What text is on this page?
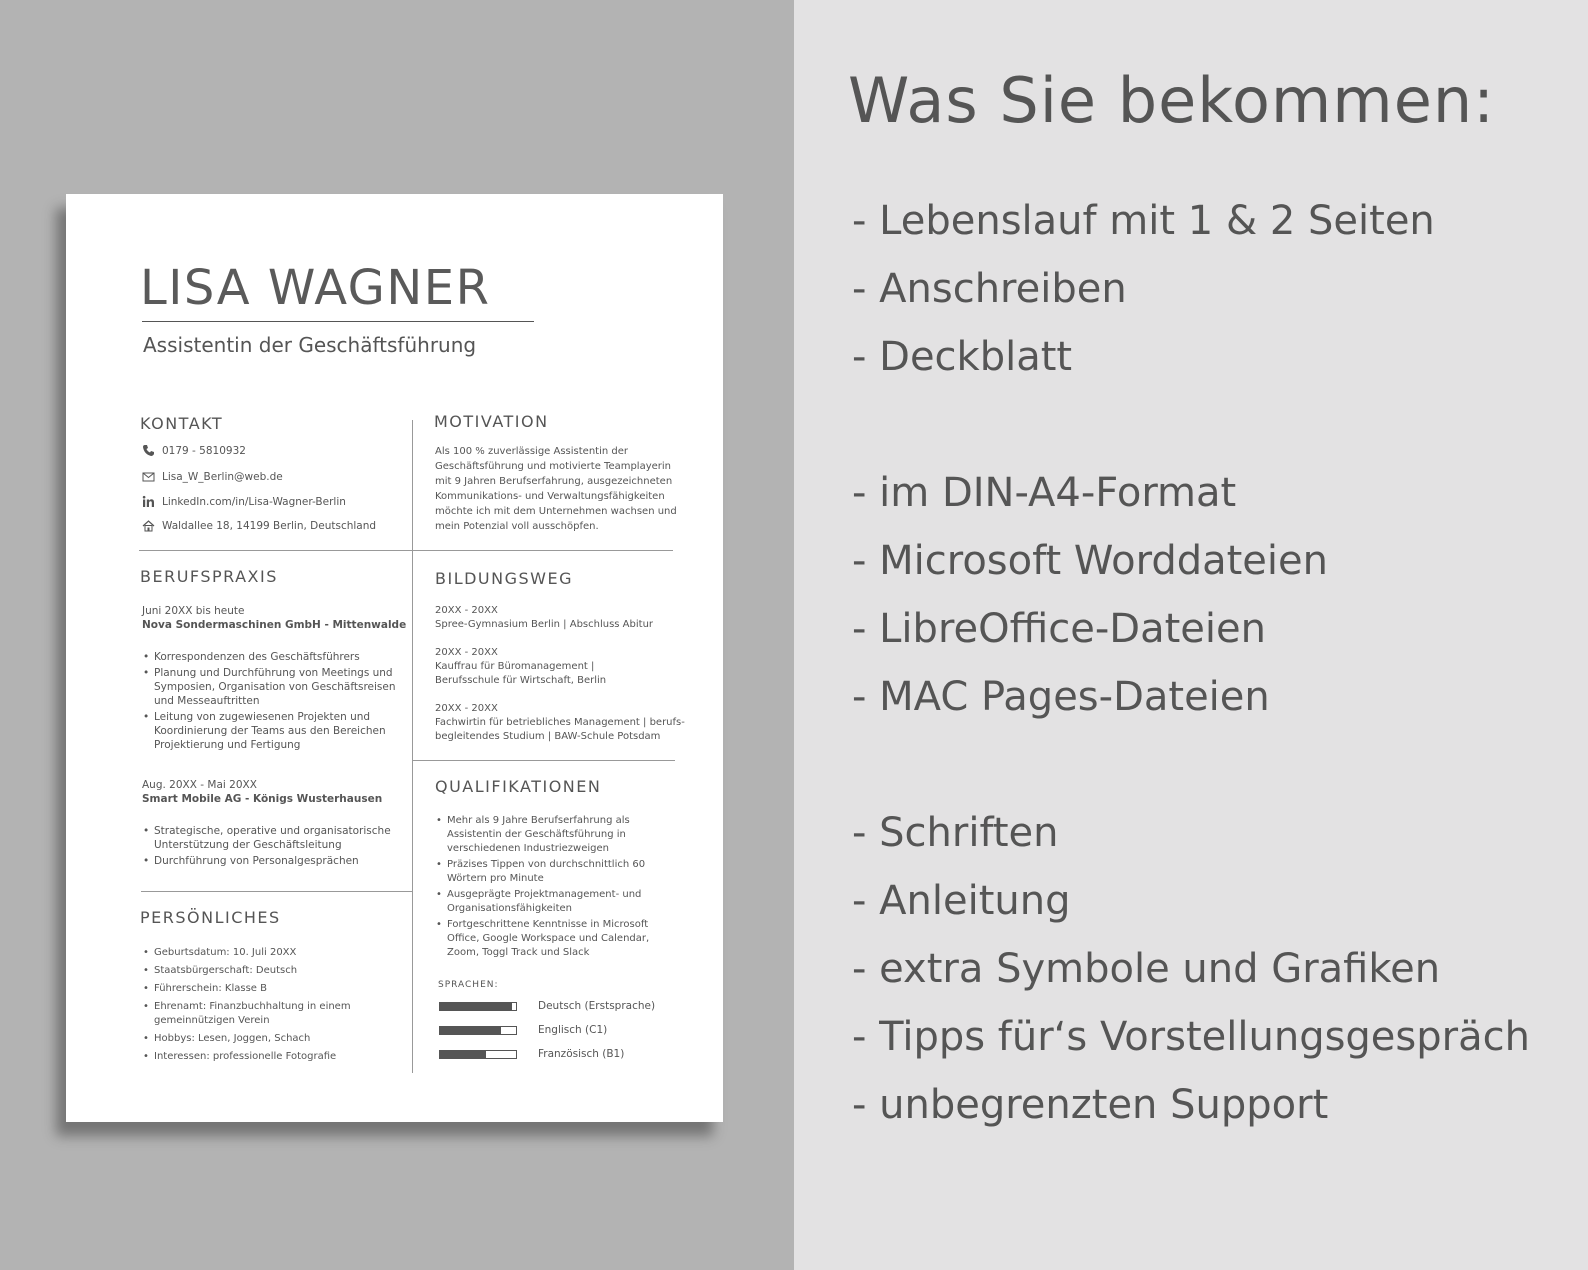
LISA WAGNER
Assistentin der Geschäftsführung
KONTAKT
0179 - 5810932
Lisa_W_Berlin@web.de
LinkedIn.com/in/Lisa-Wagner-Berlin
Waldallee 18, 14199 Berlin, Deutschland
MOTIVATION
Als 100 % zuverlässige Assistentin der
Geschäftsführung und motivierte Teamplayerin
mit 9 Jahren Berufserfahrung, ausgezeichneten
Kommunikations- und Verwaltungsfähigkeiten
möchte ich mit dem Unternehmen wachsen und
mein Potenzial voll ausschöpfen.
BERUFSPRAXIS
Juni 20XX bis heute
Nova Sondermaschinen GmbH - Mittenwalde
• Korrespondenzen des Geschäftsführers
• Planung und Durchführung von Meetings und Symposien, Organisation von Geschäftsreisen und Messeauftritten
• Leitung von zugewiesenen Projekten und Koordinierung der Teams aus den Bereichen Projektierung und Fertigung
Aug. 20XX - Mai 20XX
Smart Mobile AG - Königs Wusterhausen
• Strategische, operative und organisatorische Unterstützung der Geschäftsleitung
• Durchführung von Personalgesprächen
BILDUNGSWEG
20XX - 20XX
Spree-Gymnasium Berlin | Abschluss Abitur
20XX - 20XX
Kauffrau für Büromanagement |
Berufsschule für Wirtschaft, Berlin
20XX - 20XX
Fachwirtin für betriebliches Management | berufs-
begleitendes Studium | BAW-Schule Potsdam
QUALIFIKATIONEN
• Mehr als 9 Jahre Berufserfahrung als Assistentin der Geschäftsführung in verschiedenen Industriezweigen
• Präzises Tippen von durchschnittlich 60 Wörtern pro Minute
• Ausgeprägte Projektmanagement- und Organisationsfähigkeiten
• Fortgeschrittene Kenntnisse in Microsoft Office, Google Workspace und Calendar, Zoom, Toggl Track und Slack
SPRACHEN:
Deutsch (Erstsprache)
Englisch (C1)
Französisch (B1)
PERSÖNLICHES
• Geburtsdatum: 10. Juli 20XX
• Staatsbürgerschaft: Deutsch
• Führerschein: Klasse B
• Ehrenamt: Finanzbuchhaltung in einem gemeinnützigen Verein
• Hobbys: Lesen, Joggen, Schach
• Interessen: professionelle Fotografie
Was Sie bekommen:
- Lebenslauf mit 1 & 2 Seiten
- Anschreiben
- Deckblatt
- im DIN-A4-Format
- Microsoft Worddateien
- LibreOffice-Dateien
- MAC Pages-Dateien
- Schriften
- Anleitung
- extra Symbole und Grafiken
- Tipps für‘s Vorstellungsgespräch
- unbegrenzten Support
